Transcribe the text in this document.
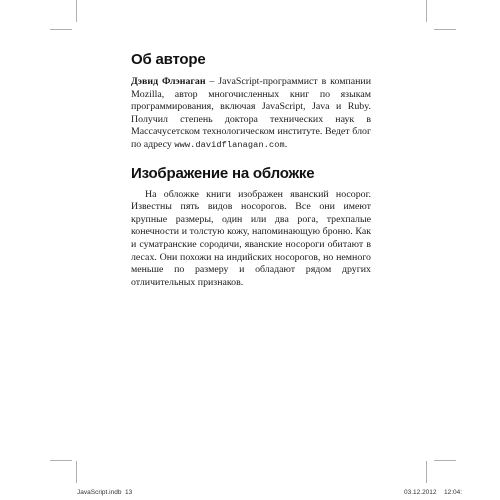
Об авторе

Дэвид Флэнаган – JavaScript-программист в компании Mozilla, автор многочисленных книг по языкам программирования, включая JavaScript, Java и Ruby. Получил степень доктора технических наук в Массачусетском технологическом институте. Ведет блог по адресу www.davidflanagan.com.

Изображение на обложке

На обложке книги изображен яванский носорог. Известны пять видов носорогов. Все они имеют крупные размеры, один или два рога, трехпалые конечности и толстую кожу, напоминающую броню. Как и суматранские сородичи, яванские носороги обитают в лесах. Они похожи на индийских носорогов, но немного меньше по размеру и обладают рядом других отличительных признаков.

JavaScript.indb 13	03.12.2012 12:04:
